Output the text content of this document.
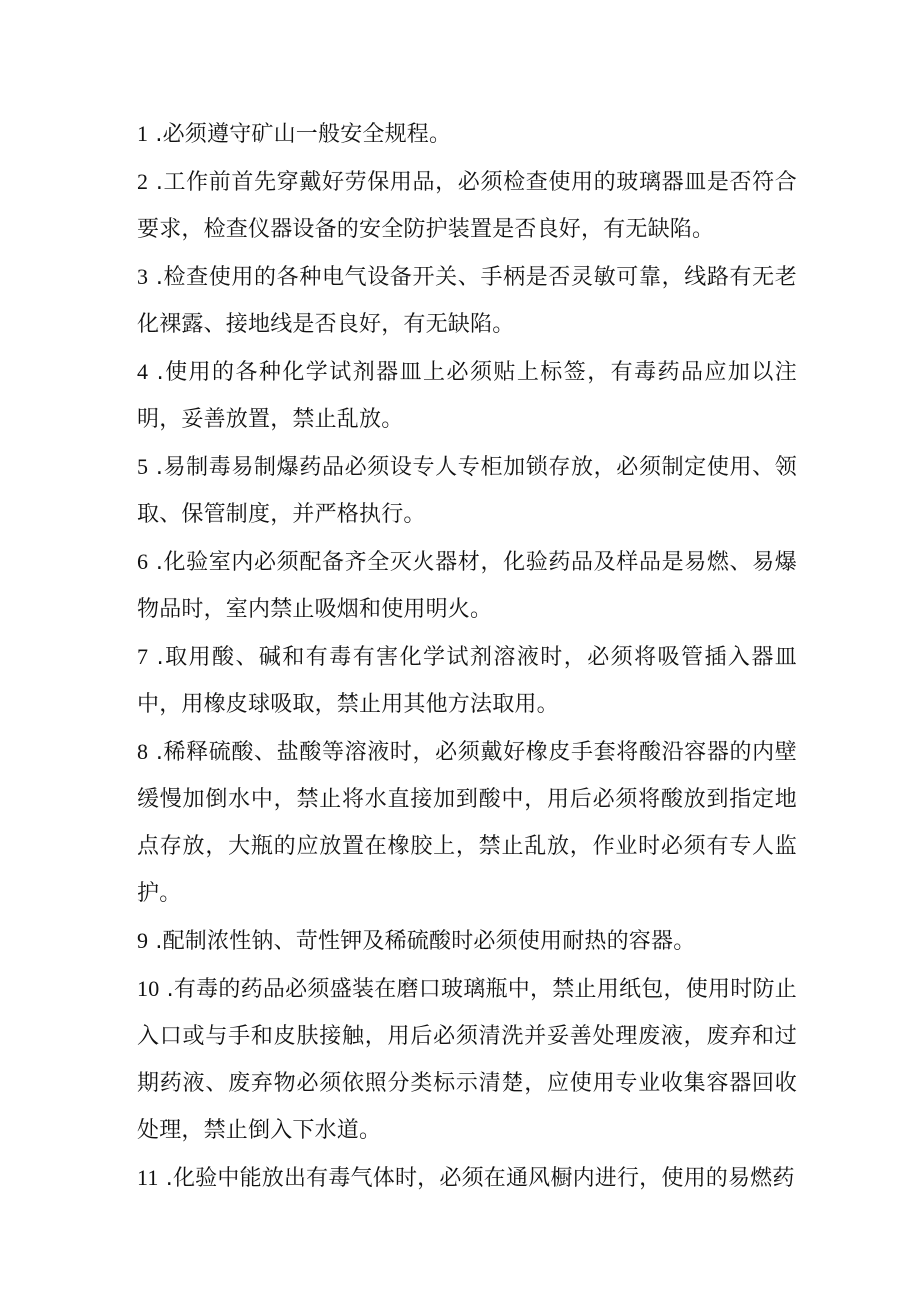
1 .必须遵守矿山一般安全规程。

2 .工作前首先穿戴好劳保用品，必须检查使用的玻璃器皿是否符合要求，检查仪器设备的安全防护装置是否良好，有无缺陷。

3 .检查使用的各种电气设备开关、手柄是否灵敏可靠，线路有无老化裸露、接地线是否良好，有无缺陷。

4 .使用的各种化学试剂器皿上必须贴上标签，有毒药品应加以注明，妥善放置，禁止乱放。

5 .易制毒易制爆药品必须设专人专柜加锁存放，必须制定使用、领取、保管制度，并严格执行。

6 .化验室内必须配备齐全灭火器材，化验药品及样品是易燃、易爆物品时，室内禁止吸烟和使用明火。

7 .取用酸、碱和有毒有害化学试剂溶液时，必须将吸管插入器皿中，用橡皮球吸取，禁止用其他方法取用。

8 .稀释硫酸、盐酸等溶液时，必须戴好橡皮手套将酸沿容器的内壁缓慢加倒水中，禁止将水直接加到酸中，用后必须将酸放到指定地点存放，大瓶的应放置在橡胶上，禁止乱放，作业时必须有专人监护。

9 .配制浓性钠、苛性钾及稀硫酸时必须使用耐热的容器。

10 .有毒的药品必须盛装在磨口玻璃瓶中，禁止用纸包，使用时防止入口或与手和皮肤接触，用后必须清洗并妥善处理废液，废弃和过期药液、废弃物必须依照分类标示清楚，应使用专业收集容器回收处理，禁止倒入下水道。

11 .化验中能放出有毒气体时，必须在通风橱内进行，使用的易燃药
